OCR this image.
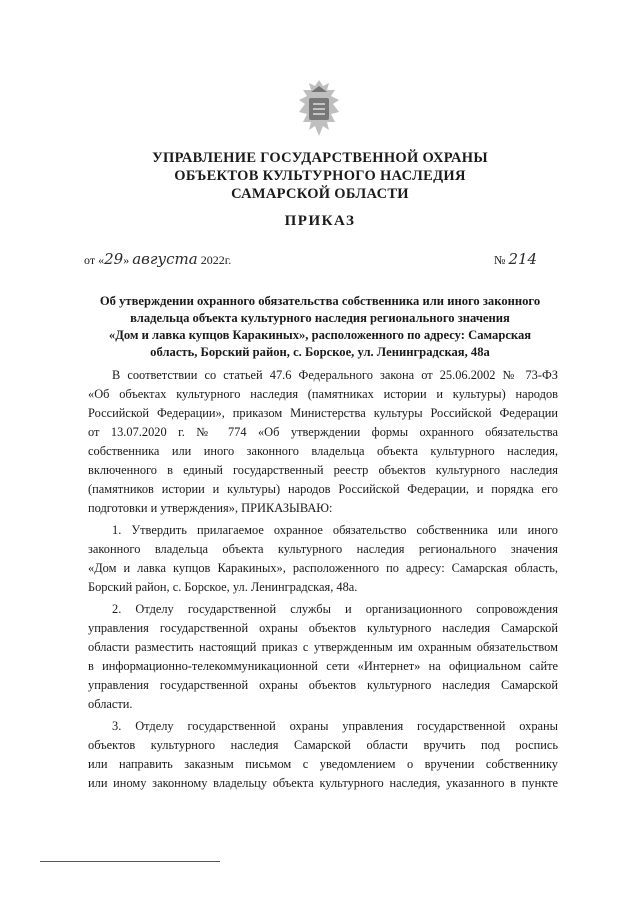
УПРАВЛЕНИЕ ГОСУДАРСТВЕННОЙ ОХРАНЫ
ОБЪЕКТОВ КУЛЬТУРНОГО НАСЛЕДИЯ
САМАРСКОЙ ОБЛАСТИ
ПРИКАЗ
от «29» августа 2022г.	№ 214
Об утверждении охранного обязательства собственника или иного законного
владельца объекта культурного наследия регионального значения
«Дом и лавка купцов Каракиных», расположенного по адресу: Самарская
область, Борский район, с. Борское, ул. Ленинградская, 48а
В соответствии со статьей 47.6 Федерального закона от 25.06.2002 № 73-ФЗ
«Об объектах культурного наследия (памятниках истории и культуры) народов
Российской Федерации», приказом Министерства культуры Российской Федерации
от 13.07.2020 г. № 774 «Об утверждении формы охранного обязательства
собственника или иного законного владельца объекта культурного наследия,
включенного в единый государственный реестр объектов культурного наследия
(памятников истории и культуры) народов Российской Федерации, и порядка его
подготовки и утверждения», ПРИКАЗЫВАЮ:
1. Утвердить прилагаемое охранное обязательство собственника или иного
законного владельца объекта культурного наследия регионального значения
«Дом и лавка купцов Каракиных», расположенного по адресу: Самарская область,
Борский район, с. Борское, ул. Ленинградская, 48а.
2. Отделу государственной службы и организационного сопровождения
управления государственной охраны объектов культурного наследия Самарской
области разместить настоящий приказ с утвержденным им охранным обязательством
в информационно-телекоммуникационной сети «Интернет» на официальном сайте
управления государственной охраны объектов культурного наследия Самарской
области.
3. Отделу государственной охраны управления государственной охраны
объектов культурного наследия Самарской области вручить под роспись
или направить заказным письмом с уведомлением о вручении собственнику
или иному законному владельцу объекта культурного наследия, указанного в пункте
